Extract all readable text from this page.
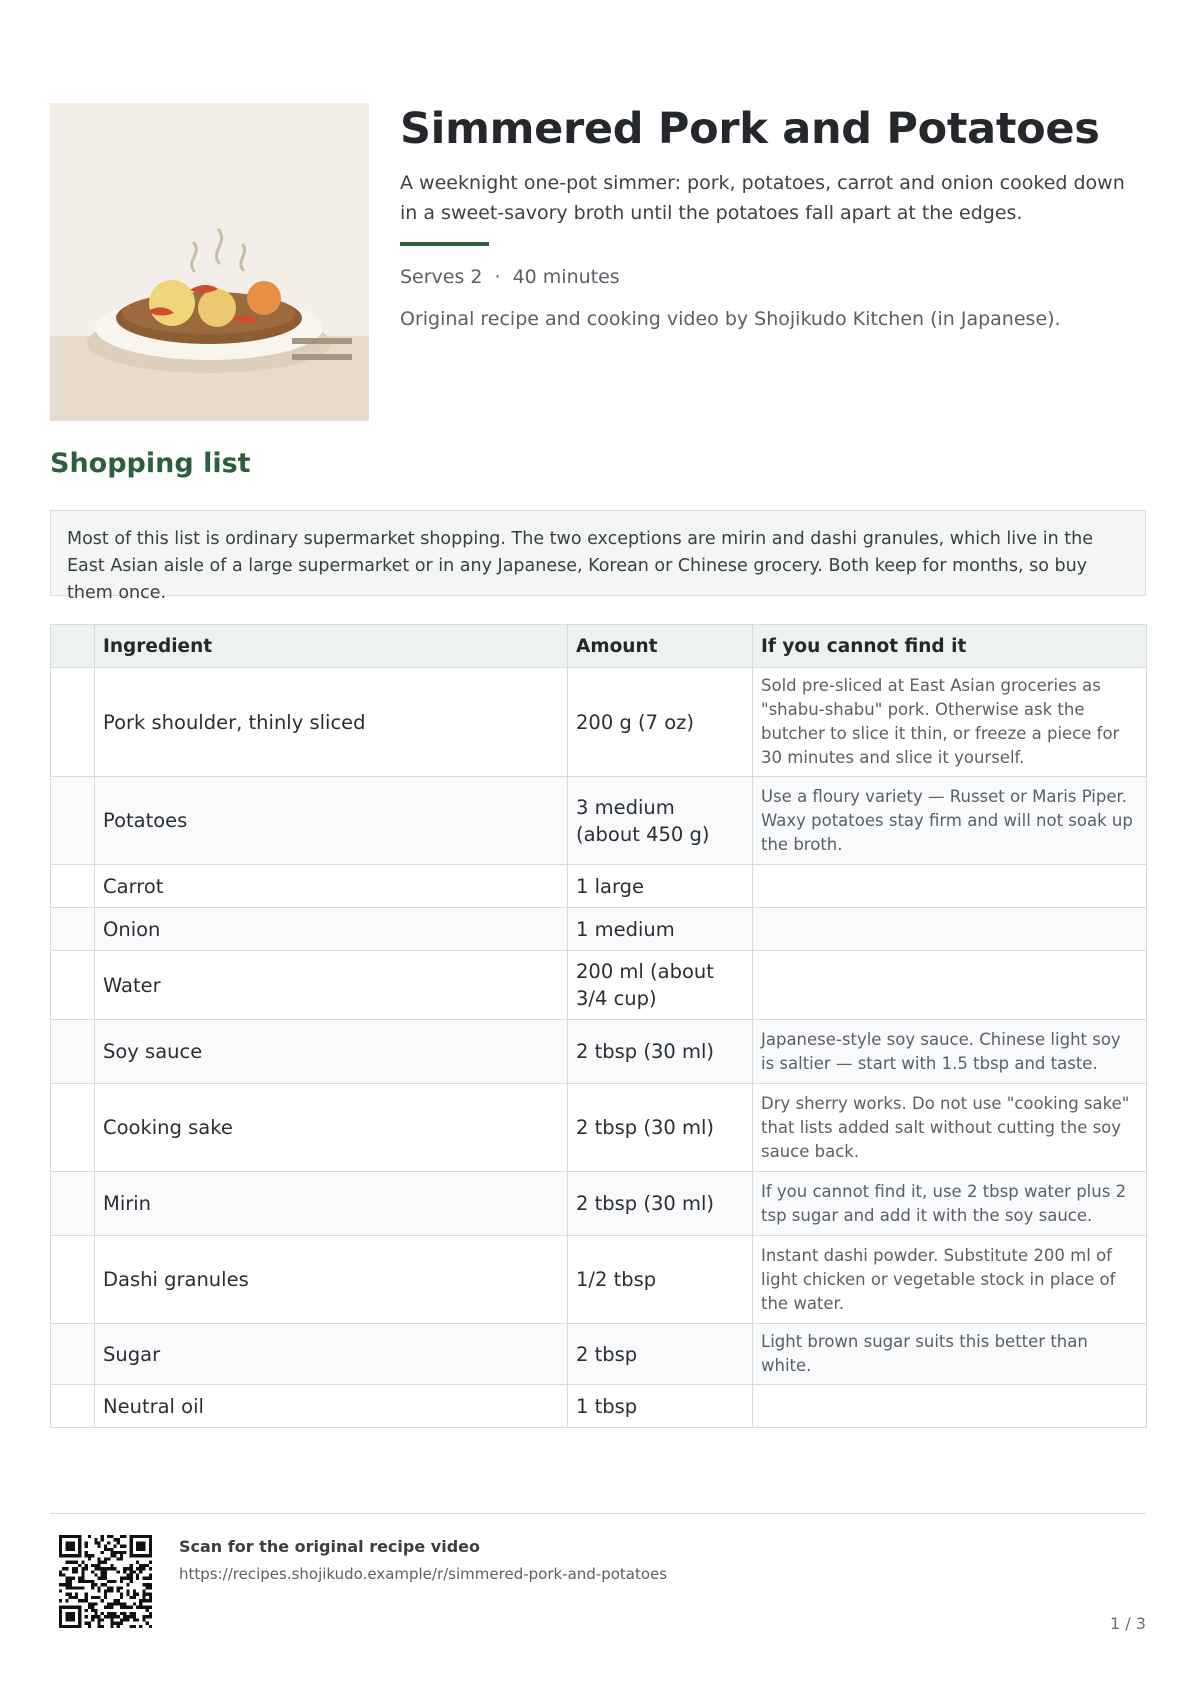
Simmered Pork and Potatoes

A weeknight one-pot simmer: pork, potatoes, carrot and onion cooked down in a sweet-savory broth until the potatoes fall apart at the edges.

Serves 2 · 40 minutes
Original recipe and cooking video by Shojikudo Kitchen (in Japanese).
Shopping list
Most of this list is ordinary supermarket shopping. The two exceptions are mirin and dashi granules, which live in the East Asian aisle of a large supermarket or in any Japanese, Korean or Chinese grocery. Both keep for months, so buy them once.
	Ingredient	Amount	If you cannot find it
	Pork shoulder, thinly sliced	200 g (7 oz)	Sold pre-sliced at East Asian groceries as "shabu-shabu" pork. Otherwise ask the butcher to slice it thin, or freeze a piece for 30 minutes and slice it yourself.
	Potatoes	3 medium (about 450 g)	Use a floury variety — Russet or Maris Piper. Waxy potatoes stay firm and will not soak up the broth.
	Carrot	1 large	
	Onion	1 medium	
	Water	200 ml (about 3/4 cup)	
	Soy sauce	2 tbsp (30 ml)	Japanese-style soy sauce. Chinese light soy is saltier — start with 1.5 tbsp and taste.
	Cooking sake	2 tbsp (30 ml)	Dry sherry works. Do not use "cooking sake" that lists added salt without cutting the soy sauce back.
	Mirin	2 tbsp (30 ml)	If you cannot find it, use 2 tbsp water plus 2 tsp sugar and add it with the soy sauce.
	Dashi granules	1/2 tbsp	Instant dashi powder. Substitute 200 ml of light chicken or vegetable stock in place of the water.
	Sugar	2 tbsp	Light brown sugar suits this better than white.
	Neutral oil	1 tbsp	
Scan for the original recipe video
https://recipes.shojikudo.example/r/simmered-pork-and-potatoes
1 / 3
